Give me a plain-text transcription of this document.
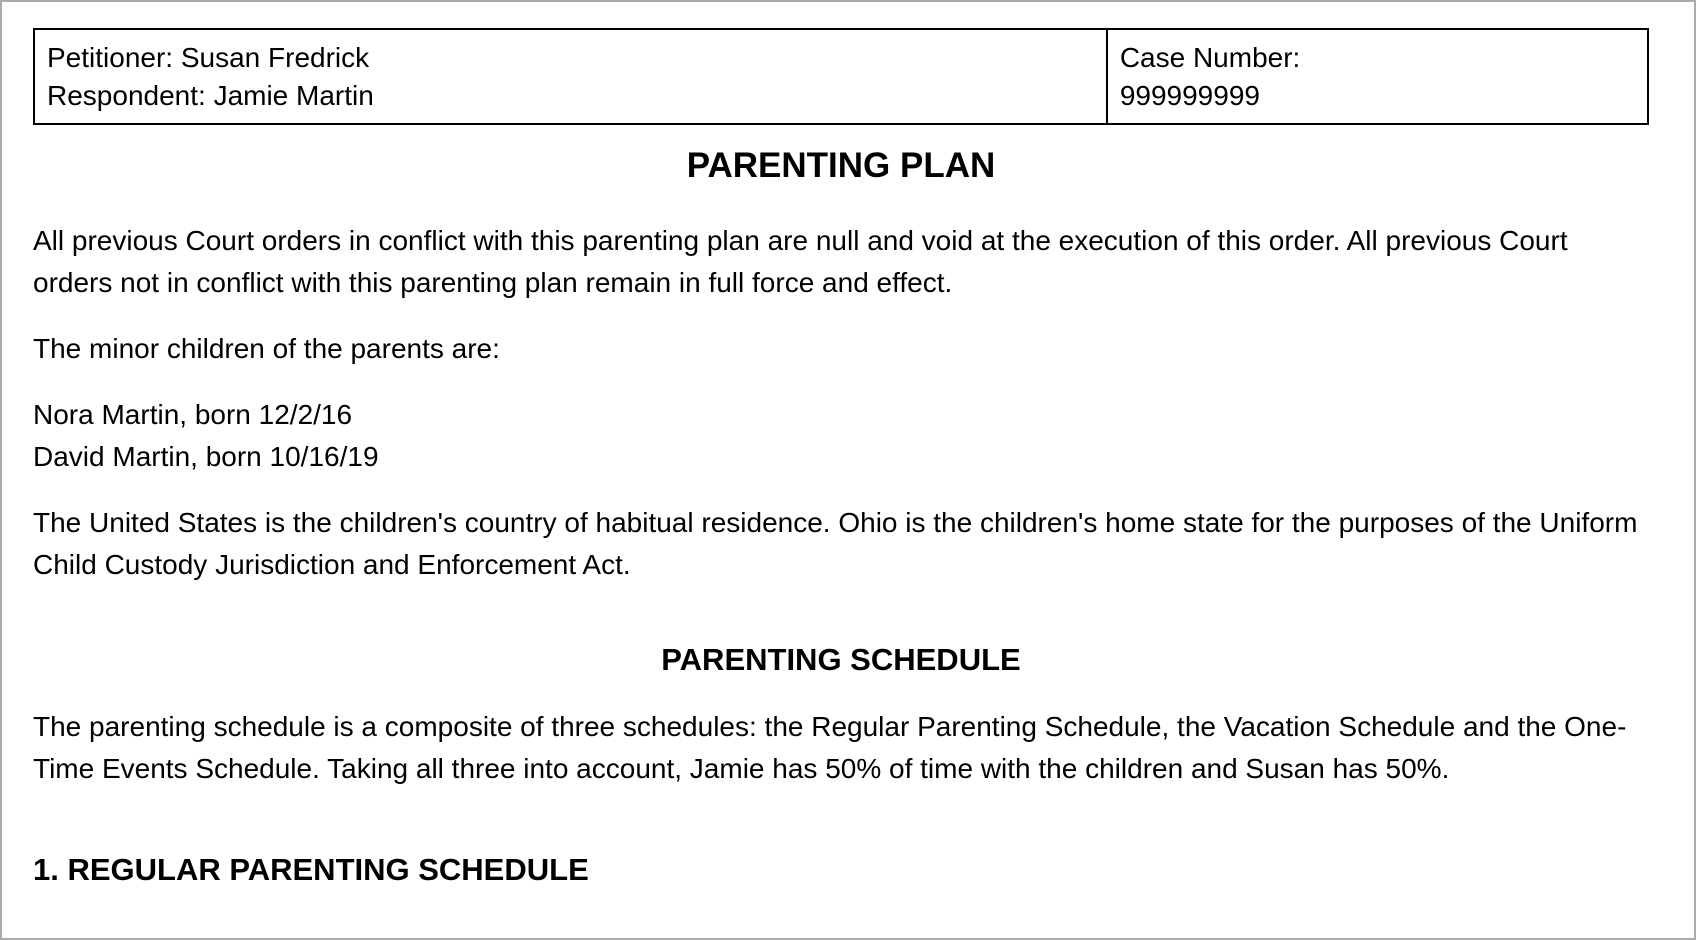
Petitioner: Susan Fredrick
Respondent: Jamie Martin

Case Number:
999999999
PARENTING PLAN

All previous Court orders in conflict with this parenting plan are null and void at the execution of this order. All previous Court orders not in conflict with this parenting plan remain in full force and effect.

The minor children of the parents are:

Nora Martin, born 12/2/16
David Martin, born 10/16/19

The United States is the children's country of habitual residence. Ohio is the children's home state for the purposes of the Uniform Child Custody Jurisdiction and Enforcement Act.

PARENTING SCHEDULE

The parenting schedule is a composite of three schedules: the Regular Parenting Schedule, the Vacation Schedule and the One-Time Events Schedule. Taking all three into account, Jamie has 50% of time with the children and Susan has 50%.

1. REGULAR PARENTING SCHEDULE
